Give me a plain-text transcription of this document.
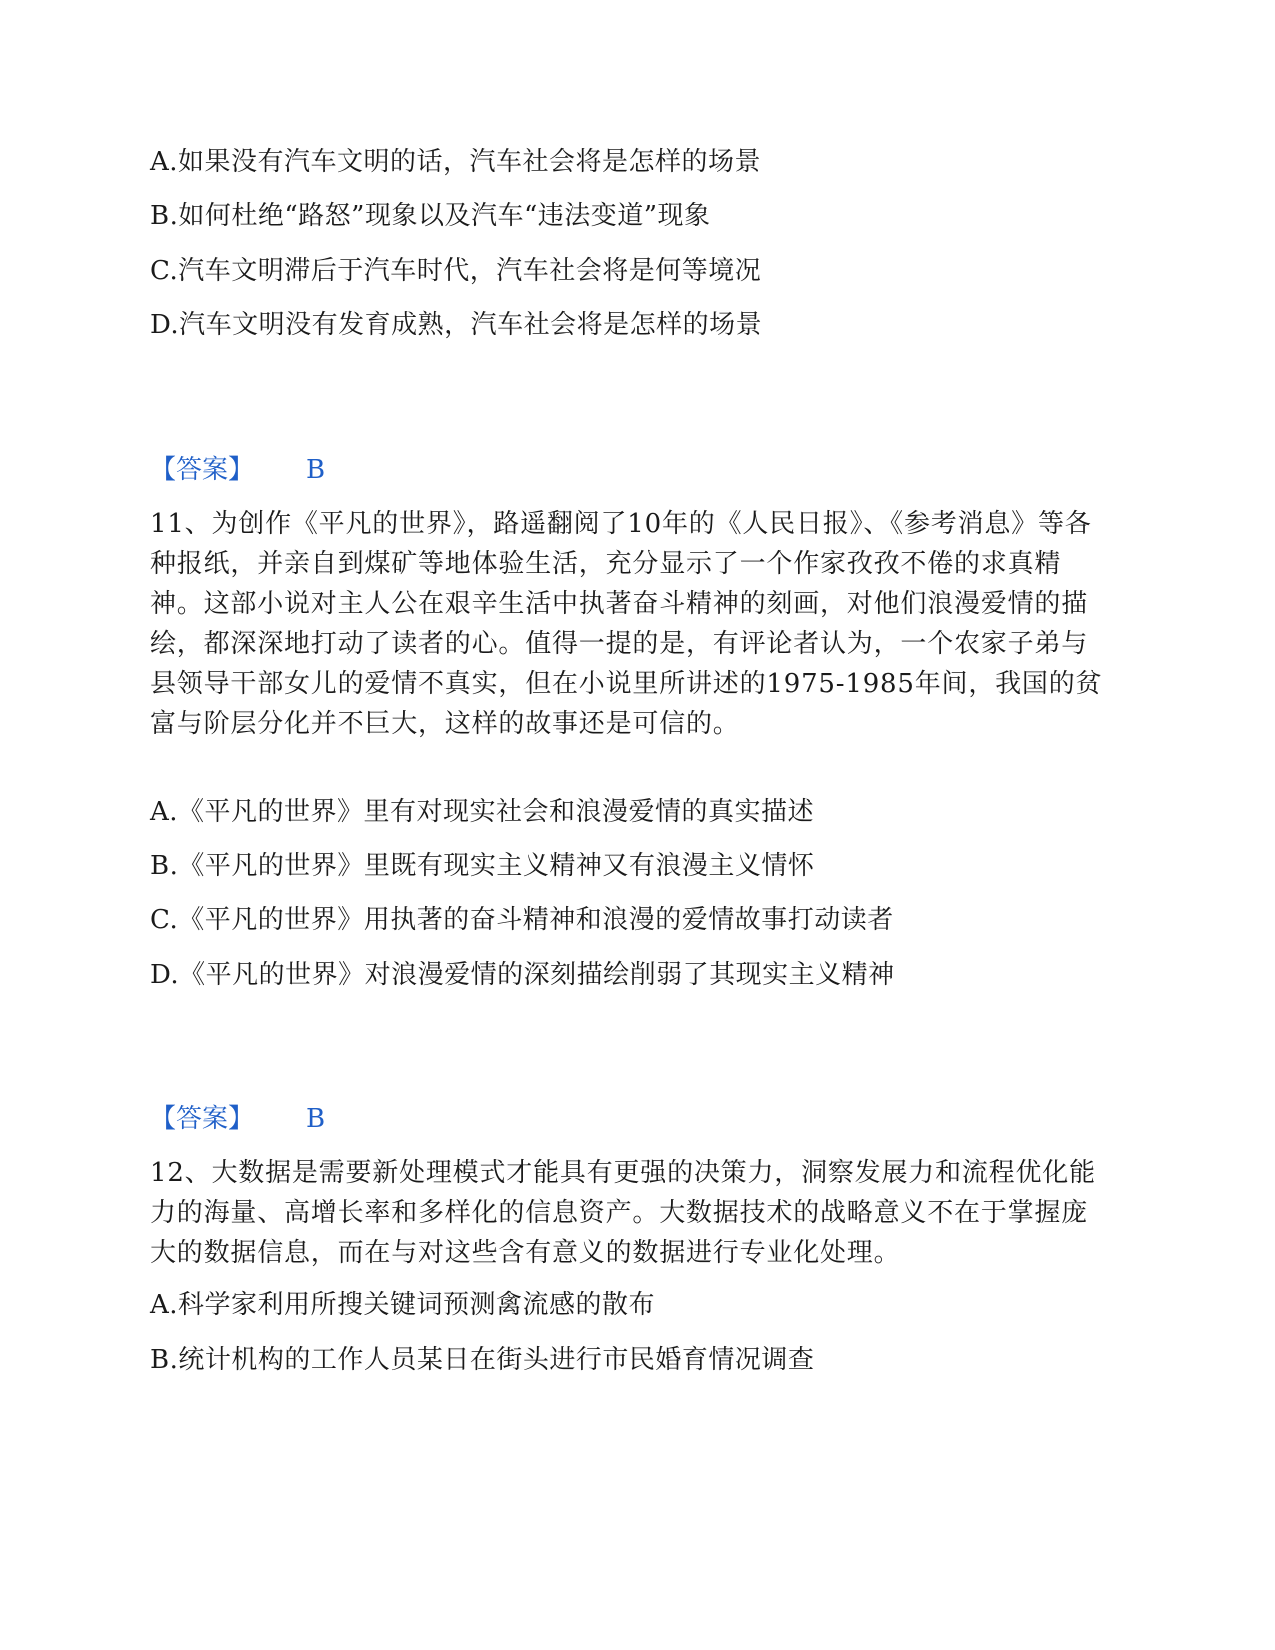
A.如果没有汽车文明的话，汽车社会将是怎样的场景
B.如何杜绝“路怒”现象以及汽车“违法变道”现象
C.汽车文明滞后于汽车时代，汽车社会将是何等境况
D.汽车文明没有发育成熟，汽车社会将是怎样的场景
【答案】 B
11、为创作《平凡的世界》，路遥翻阅了10年的《人民日报》、《参考消息》等各种报纸，并亲自到煤矿等地体验生活，充分显示了一个作家孜孜不倦的求真精神。这部小说对主人公在艰辛生活中执著奋斗精神的刻画，对他们浪漫爱情的描绘，都深深地打动了读者的心。值得一提的是，有评论者认为，一个农家子弟与县领导干部女儿的爱情不真实，但在小说里所讲述的1975-1985年间，我国的贫富与阶层分化并不巨大，这样的故事还是可信的。
A.《平凡的世界》里有对现实社会和浪漫爱情的真实描述
B.《平凡的世界》里既有现实主义精神又有浪漫主义情怀
C.《平凡的世界》用执著的奋斗精神和浪漫的爱情故事打动读者
D.《平凡的世界》对浪漫爱情的深刻描绘削弱了其现实主义精神
【答案】 B
12、大数据是需要新处理模式才能具有更强的决策力，洞察发展力和流程优化能力的海量、高增长率和多样化的信息资产。大数据技术的战略意义不在于掌握庞大的数据信息，而在与对这些含有意义的数据进行专业化处理。
A.科学家利用所搜关键词预测禽流感的散布
B.统计机构的工作人员某日在街头进行市民婚育情况调查
